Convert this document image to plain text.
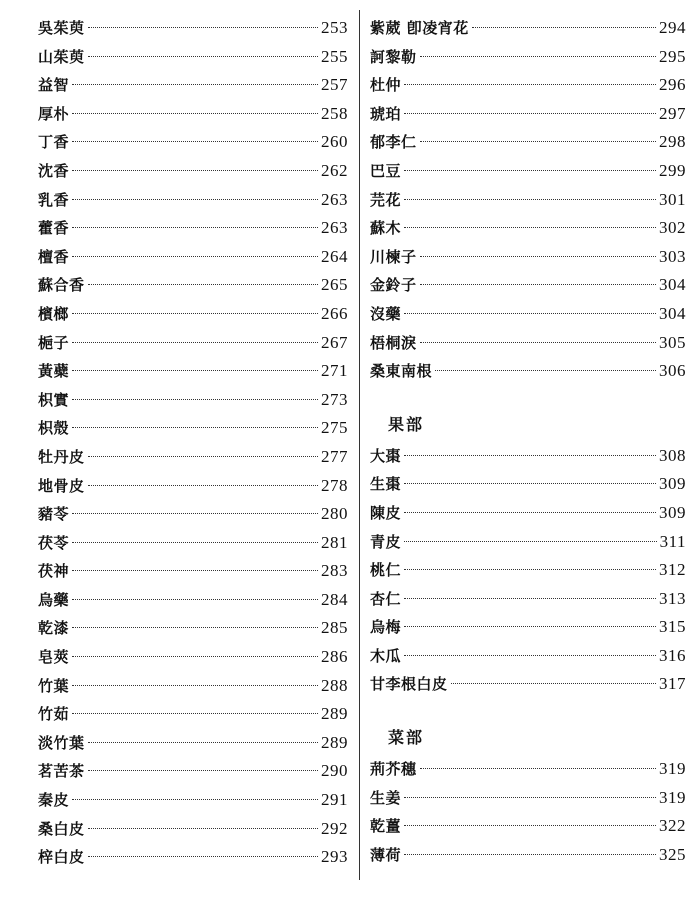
吳茱萸	253
山茱萸	255
益智	257
厚朴	258
丁香	260
沈香	262
乳香	263
藿香	263
檀香	264
蘇合香	265
檳榔	266
梔子	267
黃蘗	271
枳實	273
枳殼	275
牡丹皮	277
地骨皮	278
豬苓	280
茯苓	281
茯神	283
烏藥	284
乾漆	285
皂莢	286
竹葉	288
竹茹	289
淡竹葉	289
茗苦茶	290
秦皮	291
桑白皮	292
梓白皮	293
紫葳 卽凌宵花	294
訶黎勒	295
杜仲	296
琥珀	297
郁李仁	298
巴豆	299
芫花	301
蘇木	302
川楝子	303
金鈴子	304
沒藥	304
梧桐淚	305
桑東南根	306
果部
大棗	308
生棗	309
陳皮	309
青皮	311
桃仁	312
杏仁	313
烏梅	315
木瓜	316
甘李根白皮	317
菜部
荊芥穗	319
生姜	319
乾薑	322
薄荷	325
